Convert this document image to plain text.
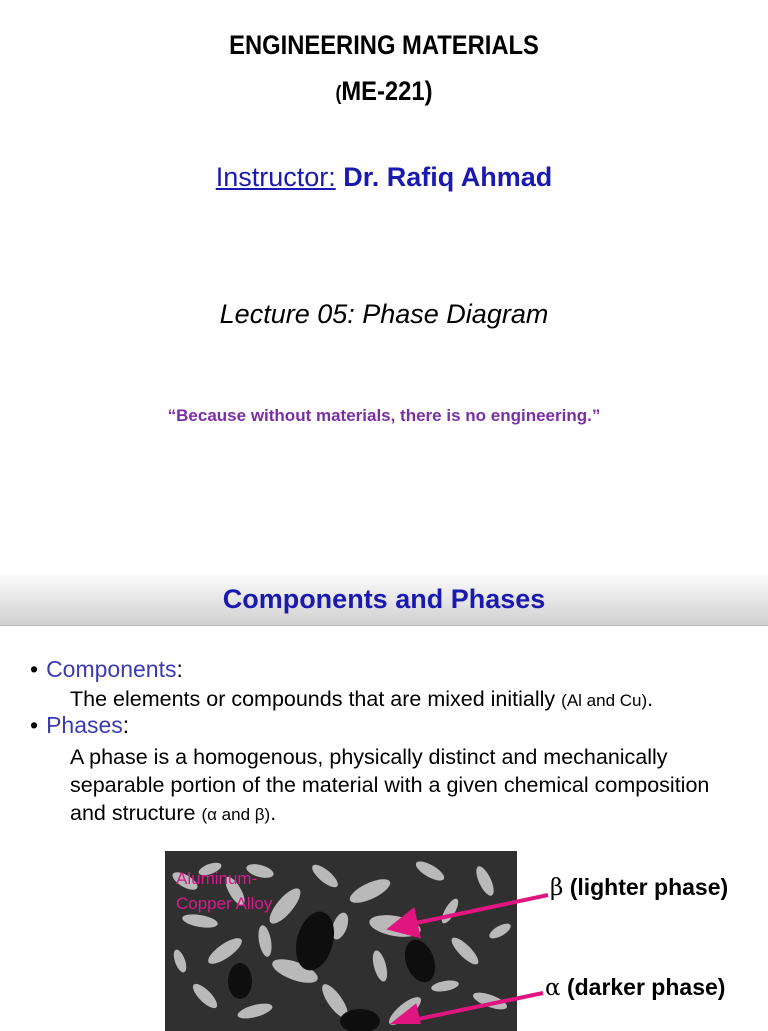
ENGINEERING MATERIALS
(ME-221)
Instructor: Dr. Rafiq Ahmad
Lecture 05: Phase Diagram
“Because without materials, there is no engineering.”
Components and Phases
• Components:
The elements or compounds that are mixed initially (Al and Cu).
• Phases:
A phase is a homogenous, physically distinct and mechanically separable portion of the material with a given chemical composition and structure (α and β).
Aluminum-Copper Alloy
β (lighter phase)
α (darker phase)
